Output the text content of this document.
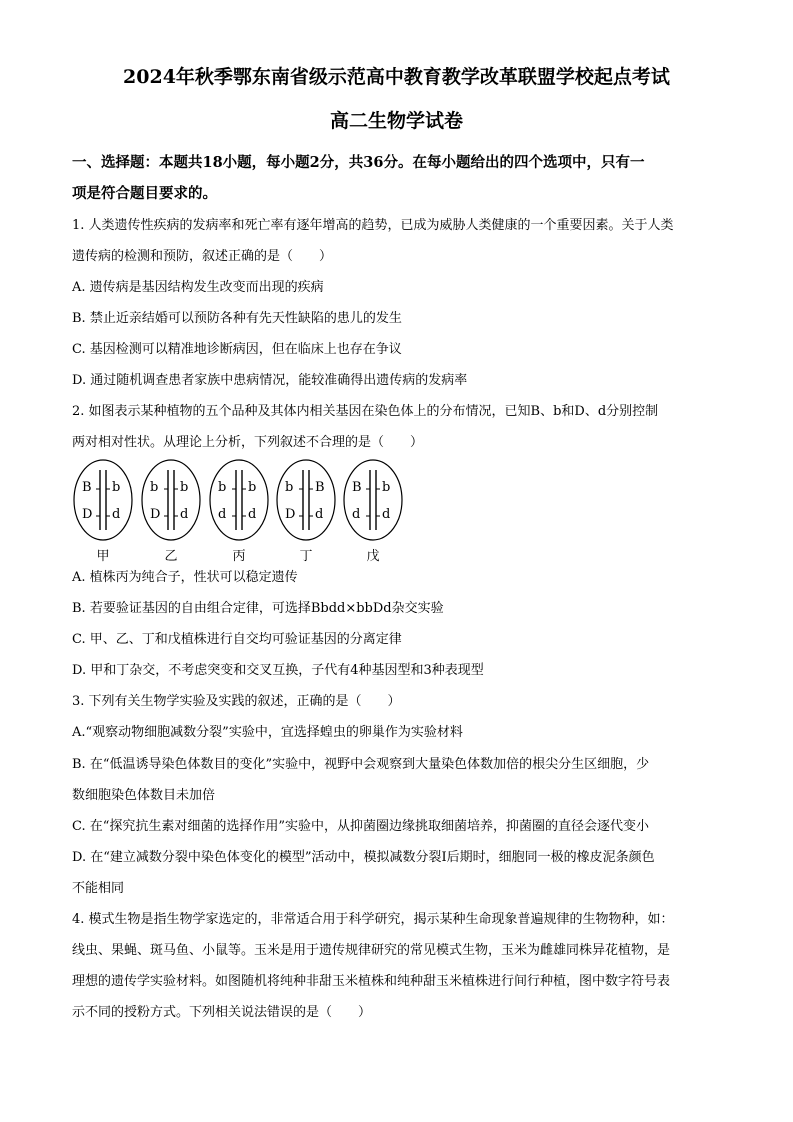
2024年秋季鄂东南省级示范高中教育教学改革联盟学校起点考试
高二生物学试卷
一、选择题：本题共18小题，每小题2分，共36分。在每小题给出的四个选项中，只有一
项是符合题目要求的。
1. 人类遗传性疾病的发病率和死亡率有逐年增高的趋势，已成为威胁人类健康的一个重要因素。关于人类
遗传病的检测和预防，叙述正确的是（　　）
A. 遗传病是基因结构发生改变而出现的疾病
B. 禁止近亲结婚可以预防各种有先天性缺陷的患儿的发生
C. 基因检测可以精准地诊断病因，但在临床上也存在争议
D. 通过随机调查患者家族中患病情况，能较准确得出遗传病的发病率
2. 如图表示某种植物的五个品种及其体内相关基因在染色体上的分布情况，已知B、b和D、d分别控制
两对相对性状。从理论上分析，下列叙述不合理的是（　　）
B b
D d
b b
D d
b b
d d
b B
D d
B b
d d
甲	乙	丙	丁	戊
A. 植株丙为纯合子，性状可以稳定遗传
B. 若要验证基因的自由组合定律，可选择Bbdd×bbDd杂交实验
C. 甲、乙、丁和戊植株进行自交均可验证基因的分离定律
D. 甲和丁杂交，不考虑突变和交叉互换，子代有4种基因型和3种表现型
3. 下列有关生物学实验及实践的叙述，正确的是（　　）
A.“观察动物细胞减数分裂”实验中，宜选择蝗虫的卵巢作为实验材料
B. 在“低温诱导染色体数目的变化”实验中，视野中会观察到大量染色体数加倍的根尖分生区细胞，少
数细胞染色体数目未加倍
C. 在“探究抗生素对细菌的选择作用”实验中，从抑菌圈边缘挑取细菌培养，抑菌圈的直径会逐代变小
D. 在“建立减数分裂中染色体变化的模型”活动中，模拟减数分裂I后期时，细胞同一极的橡皮泥条颜色
不能相同
4. 模式生物是指生物学家选定的，非常适合用于科学研究，揭示某种生命现象普遍规律的生物物种，如：
线虫、果蝇、斑马鱼、小鼠等。玉米是用于遗传规律研究的常见模式生物，玉米为雌雄同株异花植物，是
理想的遗传学实验材料。如图随机将纯种非甜玉米植株和纯种甜玉米植株进行间行种植，图中数字符号表
示不同的授粉方式。下列相关说法错误的是（　　）
